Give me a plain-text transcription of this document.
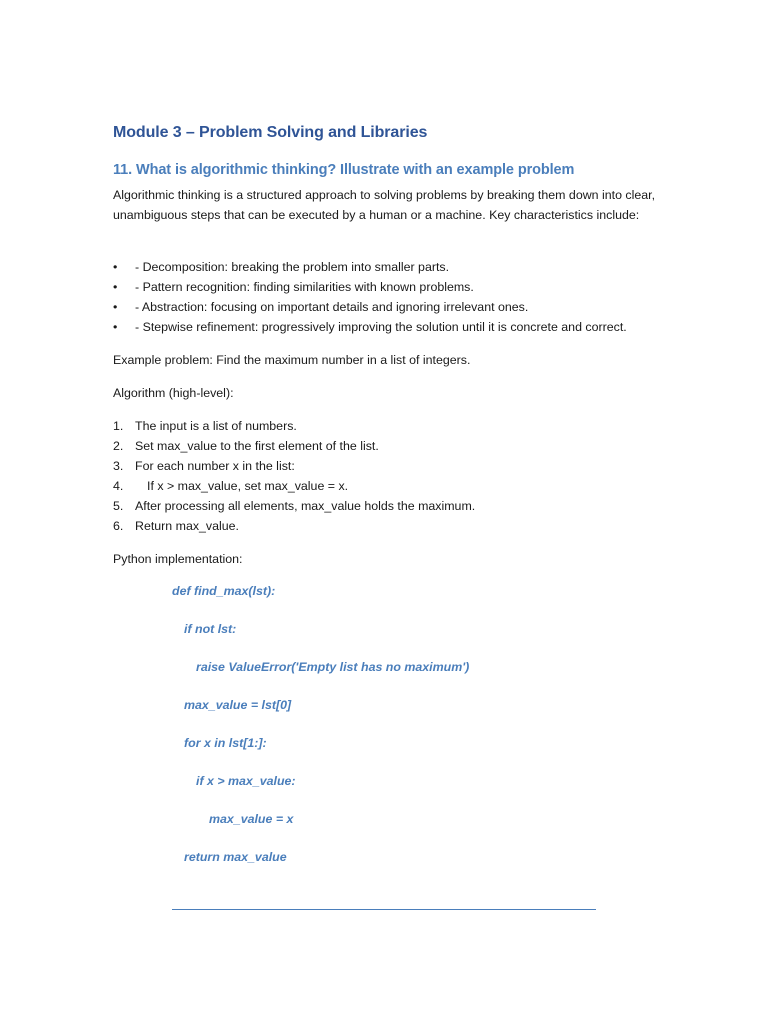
Module 3 – Problem Solving and Libraries
11. What is algorithmic thinking? Illustrate with an example problem

Algorithmic thinking is a structured approach to solving problems by breaking them down into clear, unambiguous steps that can be executed by a human or a machine. Key characteristics include:

• - Decomposition: breaking the problem into smaller parts.
• - Pattern recognition: finding similarities with known problems.
• - Abstraction: focusing on important details and ignoring irrelevant ones.
• - Stepwise refinement: progressively improving the solution until it is concrete and correct.

Example problem: Find the maximum number in a list of integers.

Algorithm (high-level):

1. The input is a list of numbers.
2. Set max_value to the first element of the list.
3. For each number x in the list:
4. If x > max_value, set max_value = x.
5. After processing all elements, max_value holds the maximum.
6. Return max_value.

Python implementation:

def find_max(lst):

if not lst:

raise ValueError('Empty list has no maximum')

max_value = lst[0]

for x in lst[1:]:

if x > max_value:

max_value = x

return max_value
